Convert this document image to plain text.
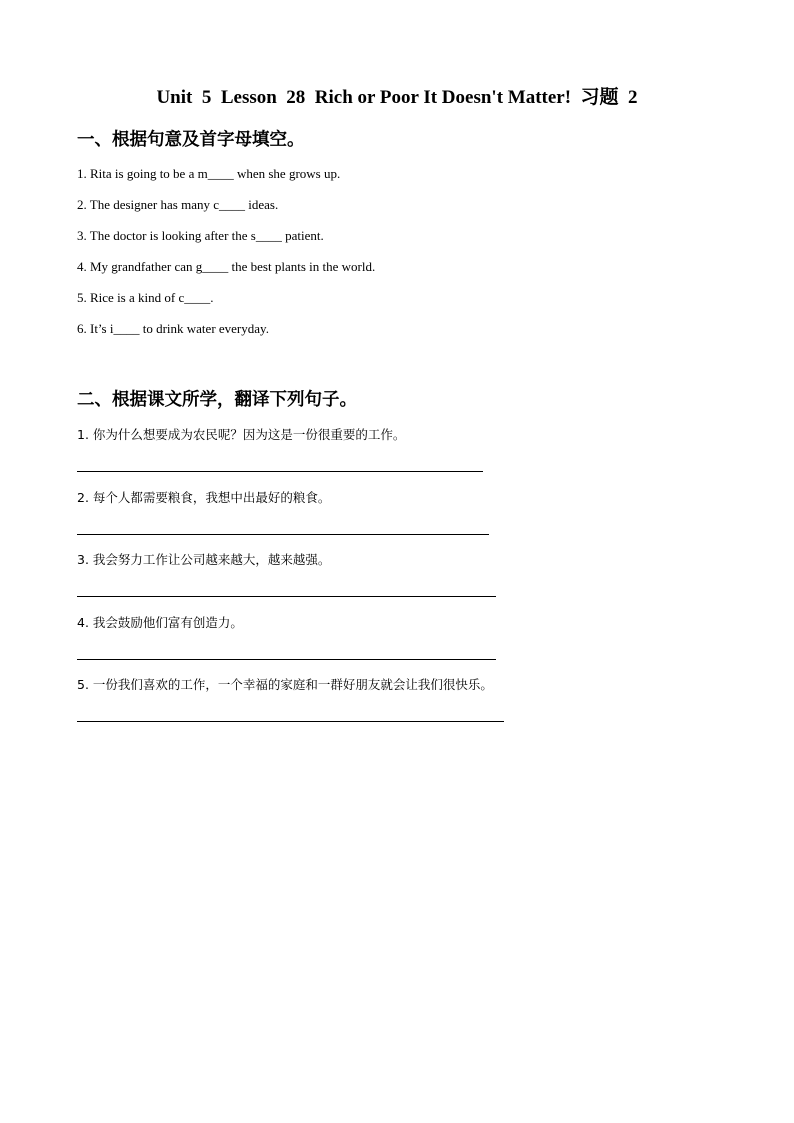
Unit  5  Lesson  28  Rich or Poor It Doesn't Matter!  习题  2
一、根据句意及首字母填空。
1. Rita is going to be a m____ when she grows up.
2. The designer has many c____ ideas.
3. The doctor is looking after the s____ patient.
4. My grandfather can g____ the best plants in the world.
5. Rice is a kind of c____.
6. It’s i____ to drink water everyday.
二、根据课文所学，翻译下列句子。
1. 你为什么想要成为农民呢？因为这是一份很重要的工作。
2. 每个人都需要粮食，我想中出最好的粮食。
3. 我会努力工作让公司越来越大，越来越强。
4. 我会鼓励他们富有创造力。
5. 一份我们喜欢的工作，一个幸福的家庭和一群好朋友就会让我们很快乐。
